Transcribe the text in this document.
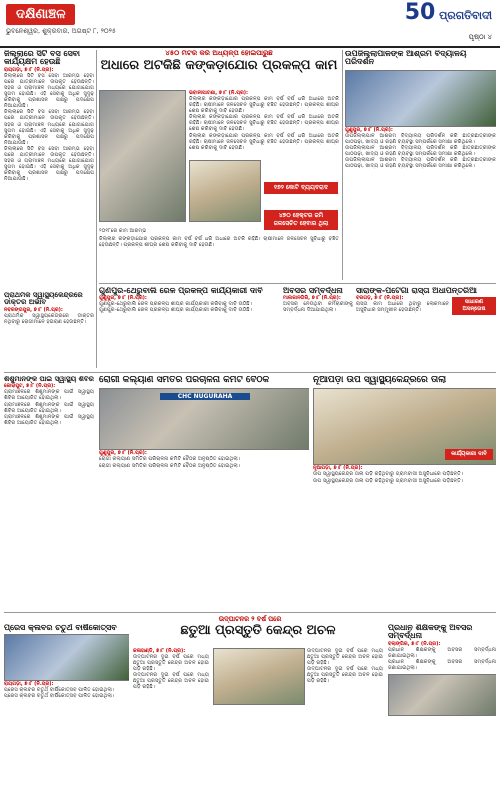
ଦକ୍ଷିଣାଞ୍ଚଳ
ଭୁବନେଶ୍ୱର, ଶୁକ୍ରବାର, ଅଗଷ୍ଟ ୮, ୨୦୨୫
50 ପ୍ରଗତିବାଦୀ
ପୃଷ୍ଠା ୪
ଜିଲ୍ଲାରେ ସିଟି ବସ ସେବା କାର୍ଯ୍ୟକ୍ଷମ ହେଉଛି
ରାୟଗଡ଼ା, ୭।୮ (ନି.ପ୍ର):
ଜିଲ୍ଲାରେ ସିଟି ବସ ସେବା ଆରମ୍ଭ ହେବା ପରେ ଯାତ୍ରୀମାନେ ଉପକୃତ ହେଉଛନ୍ତି। ସହର ଓ ଗ୍ରାମାଞ୍ଚଳ ମଧ୍ୟରେ ଯୋଗାଯୋଗ ସୁଗମ ହୋଇଛି। ଏହି ସେବାକୁ ଅଧିକ ସୁଦୃଢ଼ କରିବାକୁ ପ୍ରଶାସନ ପକ୍ଷରୁ ପଦକ୍ଷେପ ନିଆଯାଉଛି।
ଜିଲ୍ଲାରେ ସିଟି ବସ ସେବା ଆରମ୍ଭ ହେବା ପରେ ଯାତ୍ରୀମାନେ ଉପକୃତ ହେଉଛନ୍ତି। ସହର ଓ ଗ୍ରାମାଞ୍ଚଳ ମଧ୍ୟରେ ଯୋଗାଯୋଗ ସୁଗମ ହୋଇଛି। ଏହି ସେବାକୁ ଅଧିକ ସୁଦୃଢ଼ କରିବାକୁ ପ୍ରଶାସନ ପକ୍ଷରୁ ପଦକ୍ଷେପ ନିଆଯାଉଛି।
ଜିଲ୍ଲାରେ ସିଟି ବସ ସେବା ଆରମ୍ଭ ହେବା ପରେ ଯାତ୍ରୀମାନେ ଉପକୃତ ହେଉଛନ୍ତି। ସହର ଓ ଗ୍ରାମାଞ୍ଚଳ ମଧ୍ୟରେ ଯୋଗାଯୋଗ ସୁଗମ ହୋଇଛି। ଏହି ସେବାକୁ ଅଧିକ ସୁଦୃଢ଼ କରିବାକୁ ପ୍ରଶାସନ ପକ୍ଷରୁ ପଦକ୍ଷେପ ନିଆଯାଉଛି।
୪୫୦ ମିଟର କରି ଅଧ୍ୟଳ୍ପ ହୋଇପାରୁଛି
ଅଧାରେ ଅଟକିଛି କଙ୍କଡ଼ାଯୋର ପ୍ରକଳ୍ପ କାମ
ଭବାନୀପାଟଣା, ୭।୮ (ନି.ପ୍ର):
ଜିଲ୍ଲାର କଙ୍କଡ଼ାଯୋର ପ୍ରକଳ୍ପ କାମ ବର୍ଷ ବର୍ଷ ଧରି ଅଧାରେ ଅଟକି ରହିଛି। ଚାଷୀମାନେ ଜଳସେଚନ ସୁବିଧାରୁ ବଞ୍ଚିତ ହେଉଛନ୍ତି। ପ୍ରକଳ୍ପ ଶୀଘ୍ର ଶେଷ କରିବାକୁ ଦାବି ହେଉଛି।
ଜିଲ୍ଲାର କଙ୍କଡ଼ାଯୋର ପ୍ରକଳ୍ପ କାମ ବର୍ଷ ବର୍ଷ ଧରି ଅଧାରେ ଅଟକି ରହିଛି। ଚାଷୀମାନେ ଜଳସେଚନ ସୁବିଧାରୁ ବଞ୍ଚିତ ହେଉଛନ୍ତି। ପ୍ରକଳ୍ପ ଶୀଘ୍ର ଶେଷ କରିବାକୁ ଦାବି ହେଉଛି।
ଜିଲ୍ଲାର କଙ୍କଡ଼ାଯୋର ପ୍ରକଳ୍ପ କାମ ବର୍ଷ ବର୍ଷ ଧରି ଅଧାରେ ଅଟକି ରହିଛି। ଚାଷୀମାନେ ଜଳସେଚନ ସୁବିଧାରୁ ବଞ୍ଚିତ ହେଉଛନ୍ତି। ପ୍ରକଳ୍ପ ଶୀଘ୍ର ଶେଷ କରିବାକୁ ଦାବି ହେଉଛି।
୧୭୨ କୋଟି ବ୍ୟୟବରାଦ
୪୭୦ ହେକ୍ଟର ଜମି ଜଳସେଚିତ ହେବାର ଥିଲା
୨୦୧୮ରେ କାମ ଆରମ୍ଭ
ଜିଲ୍ଲାର କଙ୍କଡ଼ାଯୋର ପ୍ରକଳ୍ପ କାମ ବର୍ଷ ବର୍ଷ ଧରି ଅଧାରେ ଅଟକି ରହିଛି। ଚାଷୀମାନେ ଜଳସେଚନ ସୁବିଧାରୁ ବଞ୍ଚିତ ହେଉଛନ୍ତି। ପ୍ରକଳ୍ପ ଶୀଘ୍ର ଶେଷ କରିବାକୁ ଦାବି ହେଉଛି।
ଉପଜିଲ୍ଲାପାଳଙ୍କ ଆଶ୍ରମ ବିଦ୍ୟାଳୟ ପରିଦର୍ଶନ
ଗୁଣୁପୁର, ୭।୮ (ନି.ପ୍ର):
ଉପଜିଲ୍ଲାପାଳ ଆଶ୍ରମ ବିଦ୍ୟାଳୟ ପରିଦର୍ଶନ କରି ଛାତ୍ରଛାତ୍ରୀଙ୍କ ପାଠପଢ଼ା, ଖାଦ୍ୟ ଓ ରହଣି ବ୍ୟବସ୍ଥା ସମ୍ପର୍କରେ ସମୀକ୍ଷା କରିଥିଲେ।
ଉପଜିଲ୍ଲାପାଳ ଆଶ୍ରମ ବିଦ୍ୟାଳୟ ପରିଦର୍ଶନ କରି ଛାତ୍ରଛାତ୍ରୀଙ୍କ ପାଠପଢ଼ା, ଖାଦ୍ୟ ଓ ରହଣି ବ୍ୟବସ୍ଥା ସମ୍ପର୍କରେ ସମୀକ୍ଷା କରିଥିଲେ।
ଉପଜିଲ୍ଲାପାଳ ଆଶ୍ରମ ବିଦ୍ୟାଳୟ ପରିଦର୍ଶନ କରି ଛାତ୍ରଛାତ୍ରୀଙ୍କ ପାଠପଢ଼ା, ଖାଦ୍ୟ ଓ ରହଣି ବ୍ୟବସ୍ଥା ସମ୍ପର୍କରେ ସମୀକ୍ଷା କରିଥିଲେ।
ପ୍ରାଥମିକ ସ୍ୱାସ୍ଥ୍ୟକେନ୍ଦ୍ରରେ ଡାକ୍ତର ଅଭାବ
ନବରଙ୍ଗପୁର, ୭।୮ (ନି.ପ୍ର):
ପ୍ରାଥମିକ ସ୍ୱାସ୍ଥ୍ୟକେନ୍ଦ୍ରରେ ଡାକ୍ତର ନଥିବାରୁ ରୋଗୀମାନେ ହଇରାଣ ହେଉଛନ୍ତି।
ଗୁଣପୁର-ଥେରୁବାଲି ରେଳ ପ୍ରକଳ୍ପ କାର୍ଯ୍ୟକାରୀ ଦାବି
ଗୁଣୁପୁର, ୭।୮ (ନି.ପ୍ର):
ଗୁଣପୁର-ଥେରୁବାଲି ରେଳ ପ୍ରକଳ୍ପ ଶୀଘ୍ର କାର୍ଯ୍ୟକାରୀ କରିବାକୁ ଦାବି ଉଠିଛି।
ଗୁଣପୁର-ଥେରୁବାଲି ରେଳ ପ୍ରକଳ୍ପ ଶୀଘ୍ର କାର୍ଯ୍ୟକାରୀ କରିବାକୁ ଦାବି ଉଠିଛି।
ଅବସର ସମ୍ବର୍ଦ୍ଧନା
ମାଲକାନଗିରି, ୭।୮ (ନି.ପ୍ର):
ଅବସର ନେଉଥିବା କର୍ମଚାରୀଙ୍କୁ ସମ୍ବର୍ଦ୍ଧନା ଦିଆଯାଇଥିଲା।
ସାରାଙ୍କ-ପଟେଗା ରାସ୍ତା ଅଧାପନ୍ତରିଆ
ସାଧାରଣ ଅସନ୍ତୋଷ
ବରଗଡ଼, ୭।୮ (ନି.ପ୍ର):
ରାସ୍ତା କାମ ଅଧାରେ ଥିବାରୁ ଲୋକମାନେ ଅସୁବିଧାର ସମ୍ମୁଖୀନ ହେଉଛନ୍ତି।
ଶିଶୁମାନଙ୍କ ପାଇଁ ସ୍ୱାସ୍ଥ୍ୟ ଶିବିର
କୋରାପୁଟ, ୭।୮ (ନି.ପ୍ର):
ଗ୍ରାମାଞ୍ଚଳରେ ଶିଶୁମାନଙ୍କ ପାଇଁ ସ୍ୱାସ୍ଥ୍ୟ ଶିବିର ଆୟୋଜିତ ହୋଇଥିଲା।
ଗ୍ରାମାଞ୍ଚଳରେ ଶିଶୁମାନଙ୍କ ପାଇଁ ସ୍ୱାସ୍ଥ୍ୟ ଶିବିର ଆୟୋଜିତ ହୋଇଥିଲା।
ଗ୍ରାମାଞ୍ଚଳରେ ଶିଶୁମାନଙ୍କ ପାଇଁ ସ୍ୱାସ୍ଥ୍ୟ ଶିବିର ଆୟୋଜିତ ହୋଇଥିଲା।
ରୋଗୀ କଲ୍ୟାଣ ସମିତିର ପରିଚାଳନା କମିଟି ବୈଠକ
CHC NUGURAHA
ଗୁଣୁପୁର, ୭।୮ (ନି.ପ୍ର):
ରୋଗୀ କଲ୍ୟାଣ ସମିତିର ପରିଚାଳନା କମିଟି ବୈଠକ ଅନୁଷ୍ଠିତ ହୋଇଥିଲା।
ରୋଗୀ କଲ୍ୟାଣ ସମିତିର ପରିଚାଳନା କମିଟି ବୈଠକ ଅନୁଷ୍ଠିତ ହୋଇଥିଲା।
ନୂଆପଡ଼ା ଉପ ସ୍ୱାସ୍ଥ୍ୟକେନ୍ଦ୍ରରେ ତାଲା
କାର୍ଯ୍ୟକାରୀ ଦାବି
ନୂଆପଡ଼ା, ୭।୮ (ନି.ପ୍ର):
ଉପ ସ୍ୱାସ୍ଥ୍ୟକେନ୍ଦ୍ର ତାଲା ପଡ଼ି ରହିଥିବାରୁ ଗ୍ରାମବାସୀ ଅସୁବିଧାରେ ପଡ଼ିଛନ୍ତି।
ଉପ ସ୍ୱାସ୍ଥ୍ୟକେନ୍ଦ୍ର ତାଲା ପଡ଼ି ରହିଥିବାରୁ ଗ୍ରାମବାସୀ ଅସୁବିଧାରେ ପଡ଼ିଛନ୍ତି।
ଉଦ୍‌ଘାଟନର ୨ ବର୍ଷ ପରେ
ପ୍ରେସ କ୍ଲବର ଚତୁର୍ଥ ବାର୍ଷିକୋତ୍ସବ
ରାୟଗଡ଼ା, ୭।୮ (ନି.ପ୍ର):
ପ୍ରେସ କ୍ଲବର ଚତୁର୍ଥ ବାର୍ଷିକୋତ୍ସବ ପାଳିତ ହୋଇଥିଲା।
ପ୍ରେସ କ୍ଲବର ଚତୁର୍ଥ ବାର୍ଷିକୋତ୍ସବ ପାଳିତ ହୋଇଥିଲା।
ଛତୁଆ ପ୍ରସ୍ତୁତି କେନ୍ଦ୍ର ଅଚଳ
କଳାହାଣ୍ଡି, ୭।୮ (ନି.ପ୍ର):
ଉଦ୍‌ଘାଟନର ଦୁଇ ବର୍ଷ ପରେ ମଧ୍ୟ ଛତୁଆ ପ୍ରସ୍ତୁତି କେନ୍ଦ୍ର ଅଚଳ ହୋଇ ପଡ଼ି ରହିଛି।
ଉଦ୍‌ଘାଟନର ଦୁଇ ବର୍ଷ ପରେ ମଧ୍ୟ ଛତୁଆ ପ୍ରସ୍ତୁତି କେନ୍ଦ୍ର ଅଚଳ ହୋଇ ପଡ଼ି ରହିଛି।
ଉଦ୍‌ଘାଟନର ଦୁଇ ବର୍ଷ ପରେ ମଧ୍ୟ ଛତୁଆ ପ୍ରସ୍ତୁତି କେନ୍ଦ୍ର ଅଚଳ ହୋଇ ପଡ଼ି ରହିଛି।
ଉଦ୍‌ଘାଟନର ଦୁଇ ବର୍ଷ ପରେ ମଧ୍ୟ ଛତୁଆ ପ୍ରସ୍ତୁତି କେନ୍ଦ୍ର ଅଚଳ ହୋଇ ପଡ଼ି ରହିଛି।
ପ୍ରଧାନ ଶିକ୍ଷକଙ୍କୁ ଅବସର ସମ୍ବର୍ଦ୍ଧନା
ବଲାଙ୍ଗିର, ୭।୮ (ନି.ପ୍ର):
ପ୍ରଧାନ ଶିକ୍ଷକଙ୍କୁ ଅବସର ସମ୍ବର୍ଦ୍ଧନା ଜଣାଯାଇଥିଲା।
ପ୍ରଧାନ ଶିକ୍ଷକଙ୍କୁ ଅବସର ସମ୍ବର୍ଦ୍ଧନା ଜଣାଯାଇଥିଲା।
